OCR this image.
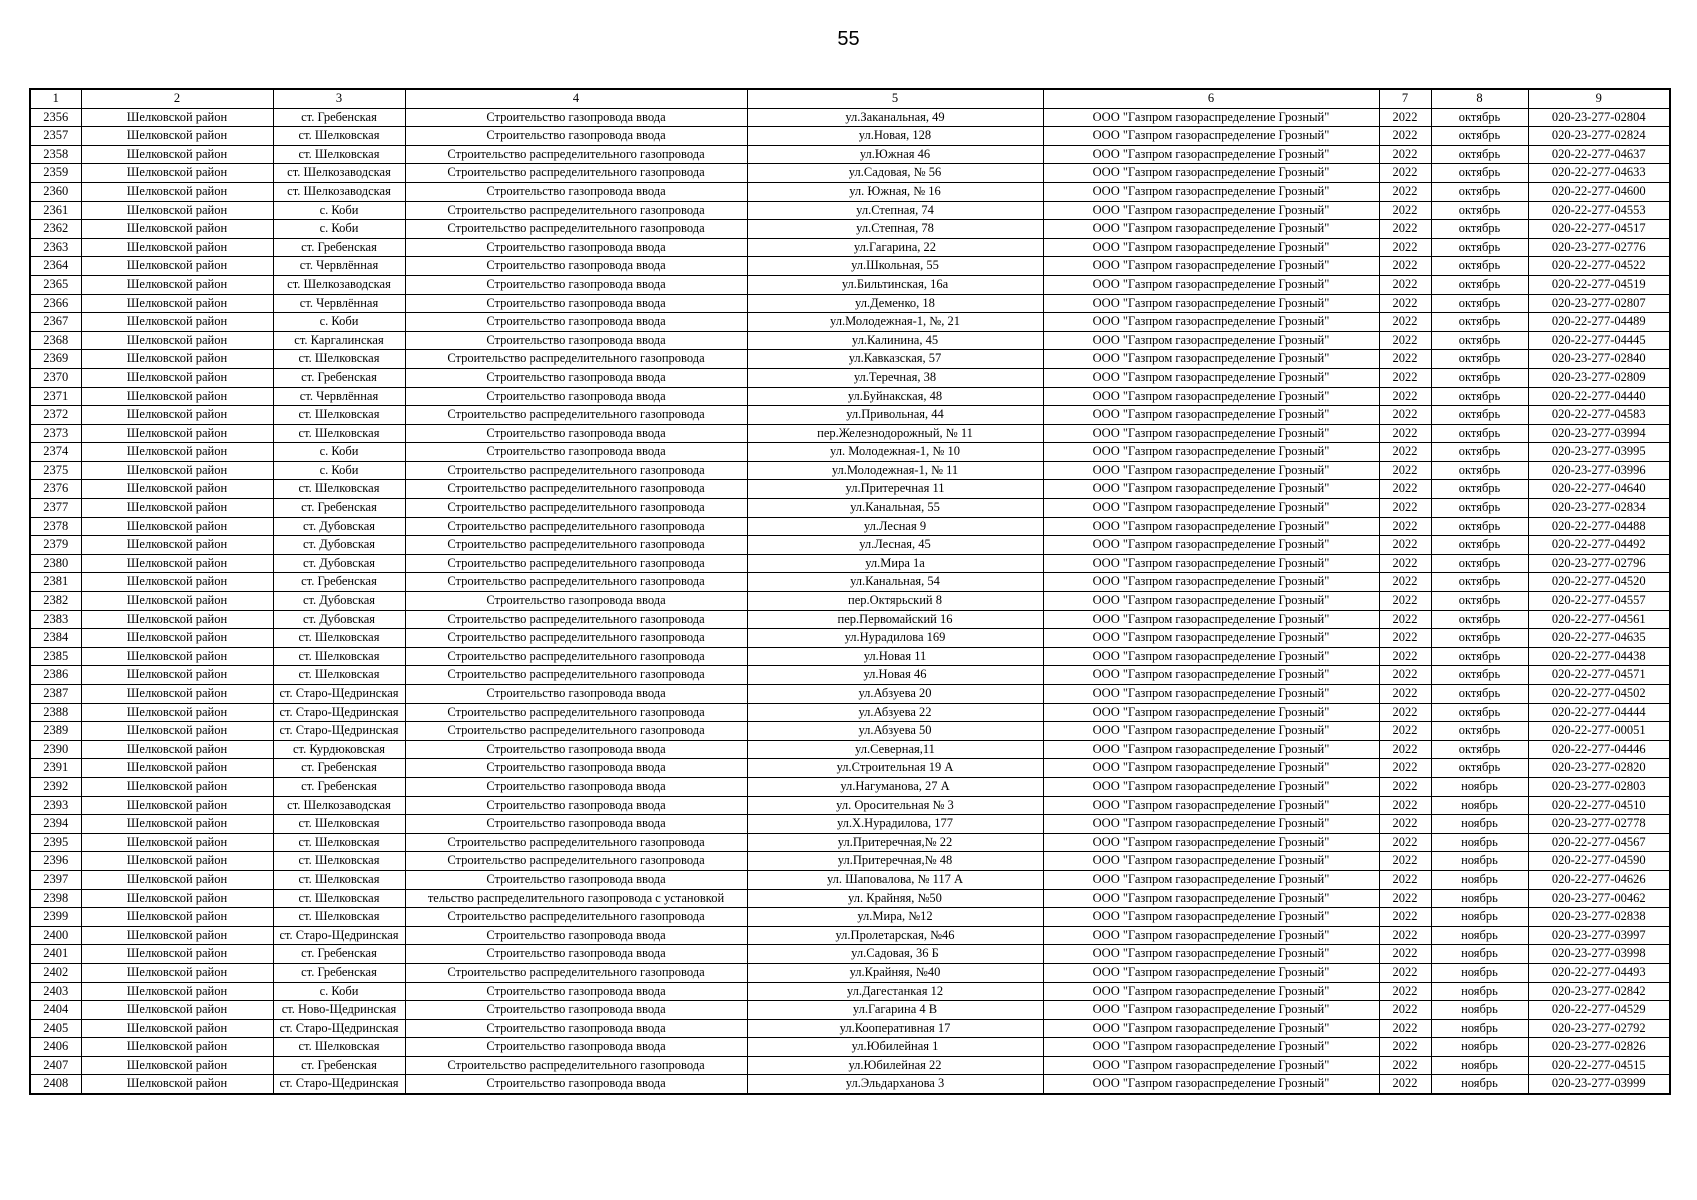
55
1	2	3	4	5	6	7	8	9
2356	Шелковской район	ст. Гребенская	Строительство газопровода ввода	ул.Заканальная, 49	ООО "Газпром газораспределение Грозный"	2022	октябрь	020-23-277-02804
2357	Шелковской район	ст. Шелковская	Строительство газопровода ввода	ул.Новая, 128	ООО "Газпром газораспределение Грозный"	2022	октябрь	020-23-277-02824
2358	Шелковской район	ст. Шелковская	Строительство распределительного газопровода	ул.Южная 46	ООО "Газпром газораспределение Грозный"	2022	октябрь	020-22-277-04637
2359	Шелковской район	ст. Шелкозаводская	Строительство распределительного газопровода	ул.Садовая, № 56	ООО "Газпром газораспределение Грозный"	2022	октябрь	020-22-277-04633
2360	Шелковской район	ст. Шелкозаводская	Строительство газопровода ввода	ул. Южная, № 16	ООО "Газпром газораспределение Грозный"	2022	октябрь	020-22-277-04600
2361	Шелковской район	с. Коби	Строительство распределительного газопровода	ул.Степная, 74	ООО "Газпром газораспределение Грозный"	2022	октябрь	020-22-277-04553
2362	Шелковской район	с. Коби	Строительство распределительного газопровода	ул.Степная, 78	ООО "Газпром газораспределение Грозный"	2022	октябрь	020-22-277-04517
2363	Шелковской район	ст. Гребенская	Строительство газопровода ввода	ул.Гагарина, 22	ООО "Газпром газораспределение Грозный"	2022	октябрь	020-23-277-02776
2364	Шелковской район	ст. Червлённая	Строительство газопровода ввода	ул.Школьная, 55	ООО "Газпром газораспределение Грозный"	2022	октябрь	020-22-277-04522
2365	Шелковской район	ст. Шелкозаводская	Строительство газопровода ввода	ул.Бильтинская, 16а	ООО "Газпром газораспределение Грозный"	2022	октябрь	020-22-277-04519
2366	Шелковской район	ст. Червлённая	Строительство газопровода ввода	ул.Деменко, 18	ООО "Газпром газораспределение Грозный"	2022	октябрь	020-23-277-02807
2367	Шелковской район	с. Коби	Строительство газопровода ввода	ул.Молодежная-1, №, 21	ООО "Газпром газораспределение Грозный"	2022	октябрь	020-22-277-04489
2368	Шелковской район	ст. Каргалинская	Строительство газопровода ввода	ул.Калинина, 45	ООО "Газпром газораспределение Грозный"	2022	октябрь	020-22-277-04445
2369	Шелковской район	ст. Шелковская	Строительство распределительного газопровода	ул.Кавказская, 57	ООО "Газпром газораспределение Грозный"	2022	октябрь	020-23-277-02840
2370	Шелковской район	ст. Гребенская	Строительство газопровода ввода	ул.Теречная, 38	ООО "Газпром газораспределение Грозный"	2022	октябрь	020-23-277-02809
2371	Шелковской район	ст. Червлённая	Строительство газопровода ввода	ул.Буйнакская, 48	ООО "Газпром газораспределение Грозный"	2022	октябрь	020-22-277-04440
2372	Шелковской район	ст. Шелковская	Строительство распределительного газопровода	ул.Привольная, 44	ООО "Газпром газораспределение Грозный"	2022	октябрь	020-22-277-04583
2373	Шелковской район	ст. Шелковская	Строительство газопровода ввода	пер.Железнодорожный, № 11	ООО "Газпром газораспределение Грозный"	2022	октябрь	020-23-277-03994
2374	Шелковской район	с. Коби	Строительство газопровода ввода	ул. Молодежная-1, № 10	ООО "Газпром газораспределение Грозный"	2022	октябрь	020-23-277-03995
2375	Шелковской район	с. Коби	Строительство распределительного газопровода	ул.Молодежная-1, № 11	ООО "Газпром газораспределение Грозный"	2022	октябрь	020-23-277-03996
2376	Шелковской район	ст. Шелковская	Строительство распределительного газопровода	ул.Притеречная 11	ООО "Газпром газораспределение Грозный"	2022	октябрь	020-22-277-04640
2377	Шелковской район	ст. Гребенская	Строительство распределительного газопровода	ул.Канальная, 55	ООО "Газпром газораспределение Грозный"	2022	октябрь	020-23-277-02834
2378	Шелковской район	ст. Дубовская	Строительство распределительного газопровода	ул.Лесная 9	ООО "Газпром газораспределение Грозный"	2022	октябрь	020-22-277-04488
2379	Шелковской район	ст. Дубовская	Строительство распределительного газопровода	ул.Лесная, 45	ООО "Газпром газораспределение Грозный"	2022	октябрь	020-22-277-04492
2380	Шелковской район	ст. Дубовская	Строительство распределительного газопровода	ул.Мира 1а	ООО "Газпром газораспределение Грозный"	2022	октябрь	020-23-277-02796
2381	Шелковской район	ст. Гребенская	Строительство распределительного газопровода	ул.Канальная, 54	ООО "Газпром газораспределение Грозный"	2022	октябрь	020-22-277-04520
2382	Шелковской район	ст. Дубовская	Строительство газопровода ввода	пер.Октярьский 8	ООО "Газпром газораспределение Грозный"	2022	октябрь	020-22-277-04557
2383	Шелковской район	ст. Дубовская	Строительство распределительного газопровода	пер.Первомайский 16	ООО "Газпром газораспределение Грозный"	2022	октябрь	020-22-277-04561
2384	Шелковской район	ст. Шелковская	Строительство распределительного газопровода	ул.Нурадилова 169	ООО "Газпром газораспределение Грозный"	2022	октябрь	020-22-277-04635
2385	Шелковской район	ст. Шелковская	Строительство распределительного газопровода	ул.Новая 11	ООО "Газпром газораспределение Грозный"	2022	октябрь	020-22-277-04438
2386	Шелковской район	ст. Шелковская	Строительство распределительного газопровода	ул.Новая 46	ООО "Газпром газораспределение Грозный"	2022	октябрь	020-22-277-04571
2387	Шелковской район	ст. Старо-Щедринская	Строительство газопровода ввода	ул.Абзуева 20	ООО "Газпром газораспределение Грозный"	2022	октябрь	020-22-277-04502
2388	Шелковской район	ст. Старо-Щедринская	Строительство распределительного газопровода	ул.Абзуева 22	ООО "Газпром газораспределение Грозный"	2022	октябрь	020-22-277-04444
2389	Шелковской район	ст. Старо-Щедринская	Строительство распределительного газопровода	ул.Абзуева 50	ООО "Газпром газораспределение Грозный"	2022	октябрь	020-22-277-00051
2390	Шелковской район	ст. Курдюковская	Строительство газопровода ввода	ул.Северная,11	ООО "Газпром газораспределение Грозный"	2022	октябрь	020-22-277-04446
2391	Шелковской район	ст. Гребенская	Строительство газопровода ввода	ул.Строительная 19 А	ООО "Газпром газораспределение Грозный"	2022	октябрь	020-23-277-02820
2392	Шелковской район	ст. Гребенская	Строительство газопровода ввода	ул.Нагуманова, 27 А	ООО "Газпром газораспределение Грозный"	2022	ноябрь	020-23-277-02803
2393	Шелковской район	ст. Шелкозаводская	Строительство газопровода ввода	ул. Оросительная № 3	ООО "Газпром газораспределение Грозный"	2022	ноябрь	020-22-277-04510
2394	Шелковской район	ст. Шелковская	Строительство газопровода ввода	ул.Х.Нурадилова, 177	ООО "Газпром газораспределение Грозный"	2022	ноябрь	020-23-277-02778
2395	Шелковской район	ст. Шелковская	Строительство распределительного газопровода	ул.Притеречная,№ 22	ООО "Газпром газораспределение Грозный"	2022	ноябрь	020-22-277-04567
2396	Шелковской район	ст. Шелковская	Строительство распределительного газопровода	ул.Притеречная,№ 48	ООО "Газпром газораспределение Грозный"	2022	ноябрь	020-22-277-04590
2397	Шелковской район	ст. Шелковская	Строительство газопровода ввода	ул. Шаповалова, № 117 А	ООО "Газпром газораспределение Грозный"	2022	ноябрь	020-22-277-04626
2398	Шелковской район	ст. Шелковская	тельство распределительного газопровода с установкой	ул. Крайняя, №50	ООО "Газпром газораспределение Грозный"	2022	ноябрь	020-23-277-00462
2399	Шелковской район	ст. Шелковская	Строительство распределительного газопровода	ул.Мира, №12	ООО "Газпром газораспределение Грозный"	2022	ноябрь	020-23-277-02838
2400	Шелковской район	ст. Старо-Щедринская	Строительство газопровода ввода	ул.Пролетарская, №46	ООО "Газпром газораспределение Грозный"	2022	ноябрь	020-23-277-03997
2401	Шелковской район	ст. Гребенская	Строительство газопровода ввода	ул.Садовая, 36 Б	ООО "Газпром газораспределение Грозный"	2022	ноябрь	020-23-277-03998
2402	Шелковской район	ст. Гребенская	Строительство распределительного газопровода	ул.Крайняя, №40	ООО "Газпром газораспределение Грозный"	2022	ноябрь	020-22-277-04493
2403	Шелковской район	с. Коби	Строительство газопровода ввода	ул.Дагестанкая 12	ООО "Газпром газораспределение Грозный"	2022	ноябрь	020-23-277-02842
2404	Шелковской район	ст. Ново-Щедринская	Строительство газопровода ввода	ул.Гагарина 4 В	ООО "Газпром газораспределение Грозный"	2022	ноябрь	020-22-277-04529
2405	Шелковской район	ст. Старо-Щедринская	Строительство газопровода ввода	ул.Кооперативная 17	ООО "Газпром газораспределение Грозный"	2022	ноябрь	020-23-277-02792
2406	Шелковской район	ст. Шелковская	Строительство газопровода ввода	ул.Юбилейная 1	ООО "Газпром газораспределение Грозный"	2022	ноябрь	020-23-277-02826
2407	Шелковской район	ст. Гребенская	Строительство распределительного газопровода	ул.Юбилейная 22	ООО "Газпром газораспределение Грозный"	2022	ноябрь	020-22-277-04515
2408	Шелковской район	ст. Старо-Щедринская	Строительство газопровода ввода	ул.Эльдарханова 3	ООО "Газпром газораспределение Грозный"	2022	ноябрь	020-23-277-03999
